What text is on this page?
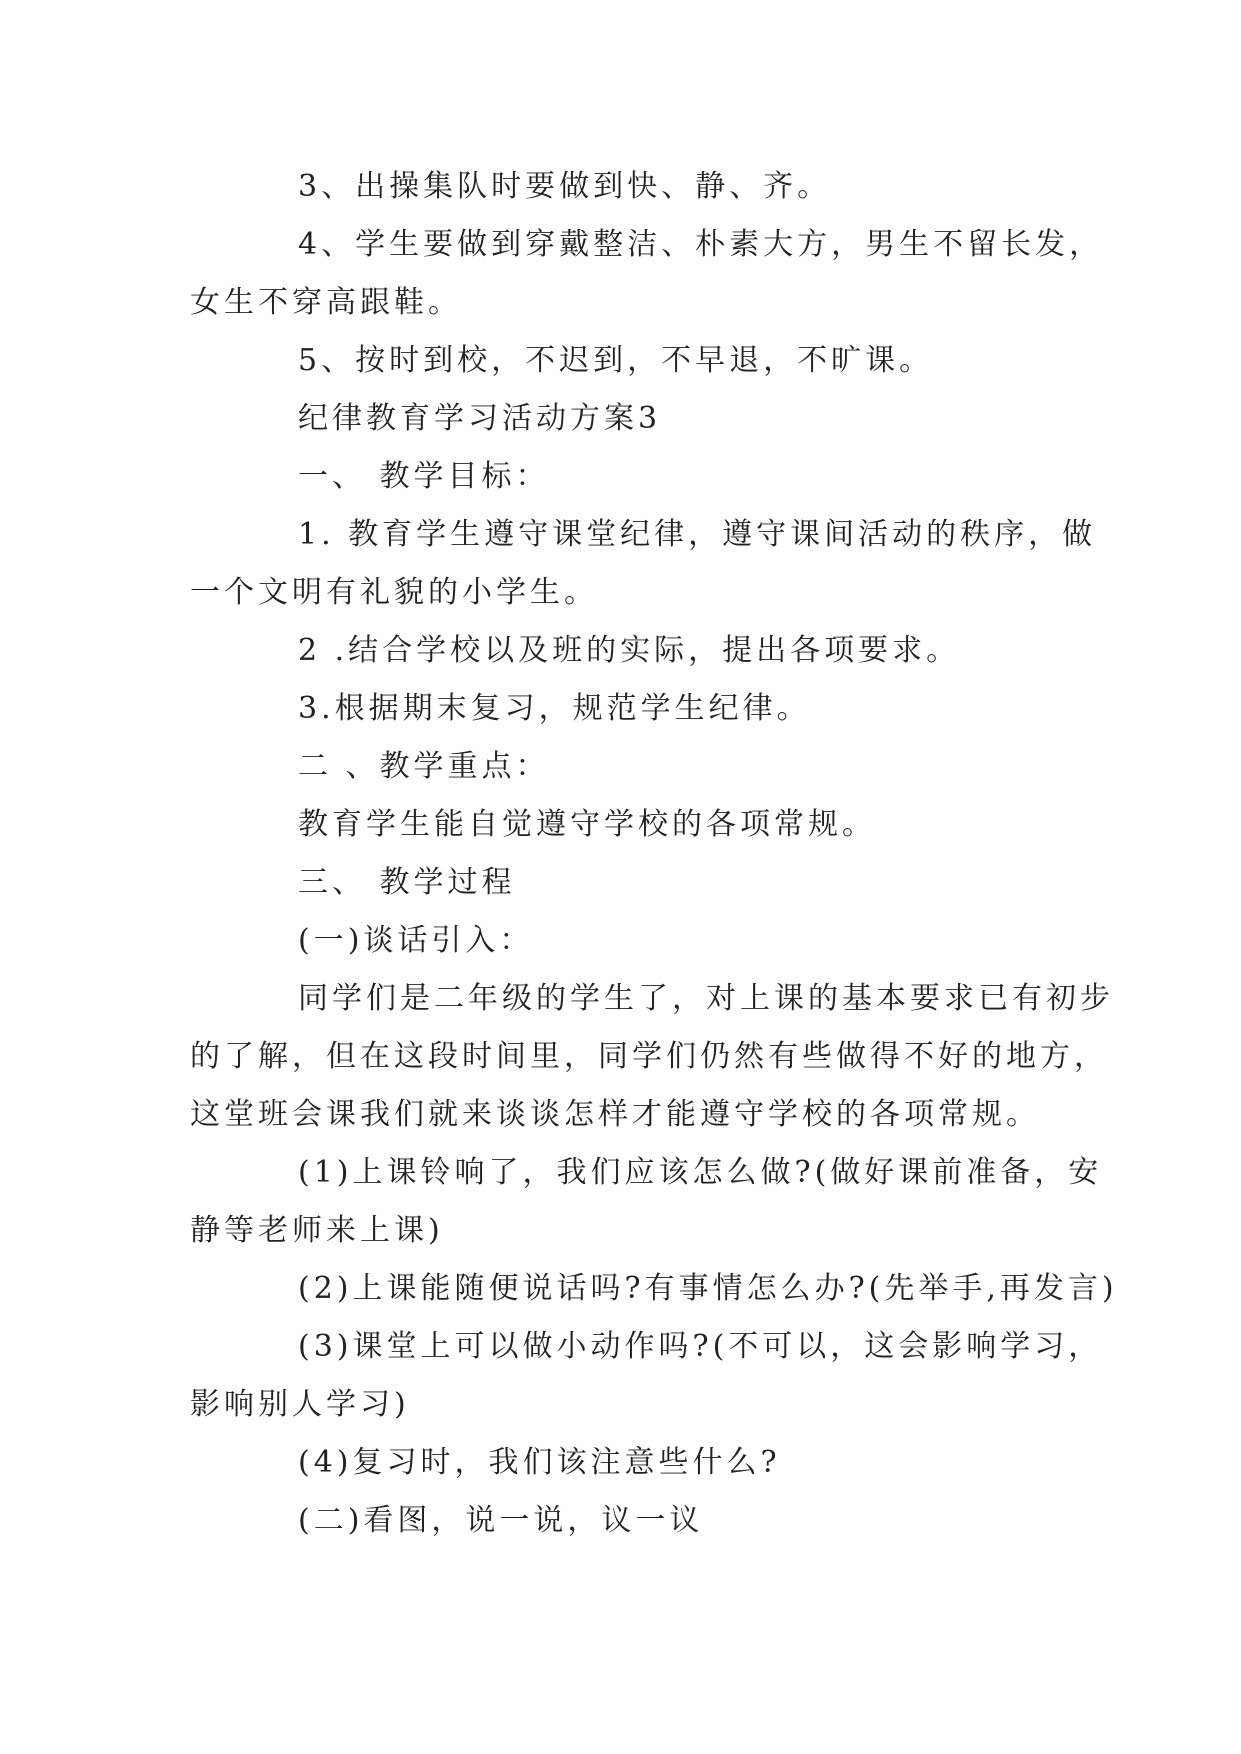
3、出操集队时要做到快、静、齐。
4、学生要做到穿戴整洁、朴素大方，男生不留长发，
女生不穿高跟鞋。
5、按时到校，不迟到，不早退，不旷课。
纪律教育学习活动方案3
一、 教学目标：
1. 教育学生遵守课堂纪律，遵守课间活动的秩序，做
一个文明有礼貌的小学生。
2 .结合学校以及班的实际，提出各项要求。
3.根据期末复习，规范学生纪律。
二 、教学重点：
教育学生能自觉遵守学校的各项常规。
三、 教学过程
(一)谈话引入：
同学们是二年级的学生了，对上课的基本要求已有初步
的了解，但在这段时间里，同学们仍然有些做得不好的地方，
这堂班会课我们就来谈谈怎样才能遵守学校的各项常规。
(1)上课铃响了，我们应该怎么做?(做好课前准备，安
静等老师来上课)
(2)上课能随便说话吗?有事情怎么办?(先举手,再发言)
(3)课堂上可以做小动作吗?(不可以，这会影响学习，
影响别人学习)
(4)复习时，我们该注意些什么?
(二)看图，说一说，议一议
